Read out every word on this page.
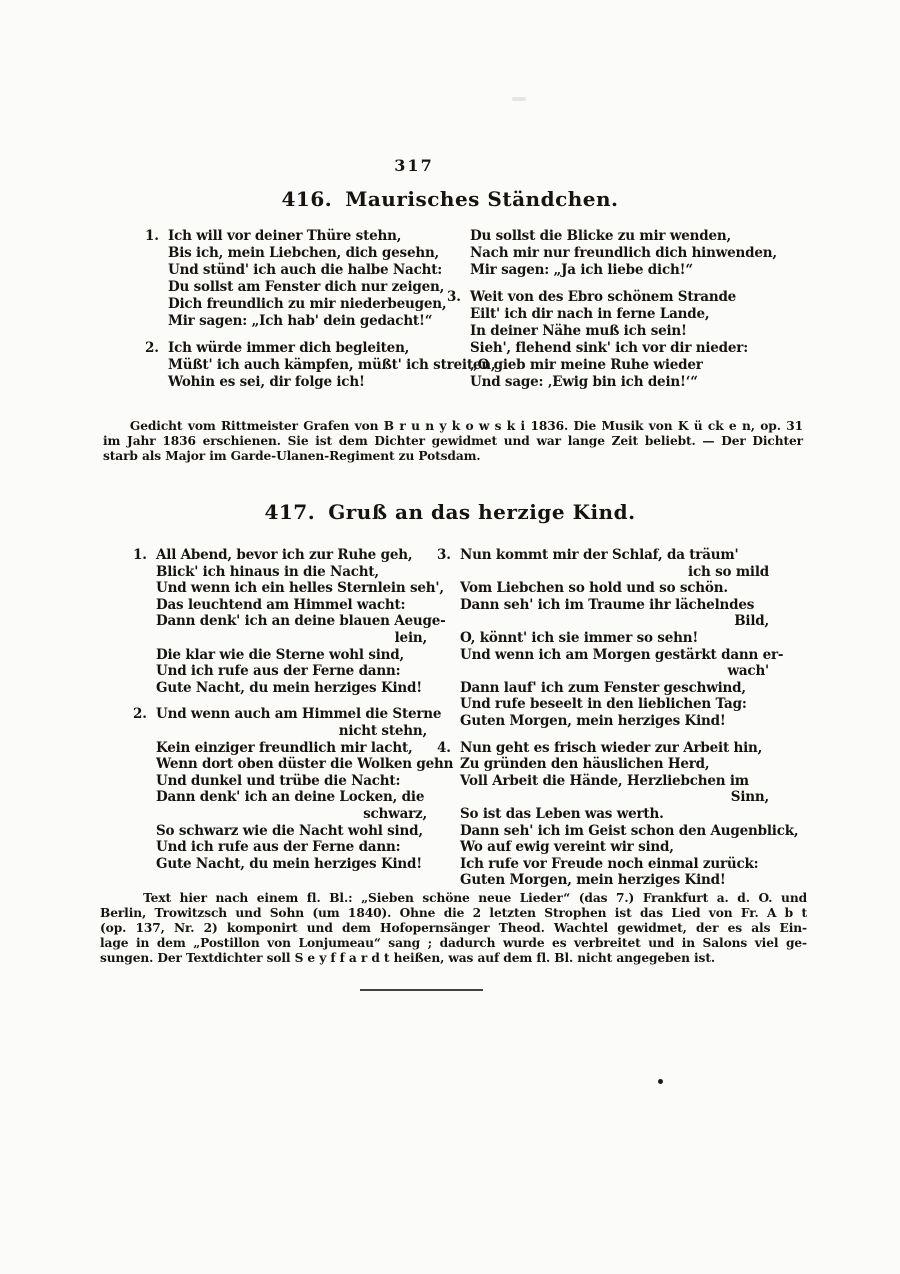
317
416. Maurisches Ständchen.
1. Ich will vor deiner Thüre stehn,
Bis ich, mein Liebchen, dich gesehn,
Und stünd' ich auch die halbe Nacht:
Du sollst am Fenster dich nur zeigen,
Dich freundlich zu mir niederbeugen,
Mir sagen: „Ich hab' dein gedacht!“
2. Ich würde immer dich begleiten,
Müßt' ich auch kämpfen, müßt' ich streiten,
Wohin es sei, dir folge ich!
Du sollst die Blicke zu mir wenden,
Nach mir nur freundlich dich hinwenden,
Mir sagen: „Ja ich liebe dich!“
3. Weit von des Ebro schönem Strande
Eilt' ich dir nach in ferne Lande,
In deiner Nähe muß ich sein!
Sieh', flehend sink' ich vor dir nieder:
„O gieb mir meine Ruhe wieder
Und sage: ‚Ewig bin ich dein!‘“

Gedicht vom Rittmeister Grafen von B r u n y k o w s k i 1836. Die Musik von K ü ck e n, op. 31
im Jahr 1836 erschienen. Sie ist dem Dichter gewidmet und war lange Zeit beliebt. — Der Dichter
starb als Major im Garde-Ulanen-Regiment zu Potsdam.

417. Gruß an das herzige Kind.
1. All Abend, bevor ich zur Ruhe geh,
Blick' ich hinaus in die Nacht,
Und wenn ich ein helles Sternlein seh',
Das leuchtend am Himmel wacht:
Dann denk' ich an deine blauen Aeuge-
lein,
Die klar wie die Sterne wohl sind,
Und ich rufe aus der Ferne dann:
Gute Nacht, du mein herziges Kind!
2. Und wenn auch am Himmel die Sterne
nicht stehn,
Kein einziger freundlich mir lacht,
Wenn dort oben düster die Wolken gehn
Und dunkel und trübe die Nacht:
Dann denk' ich an deine Locken, die
schwarz,
So schwarz wie die Nacht wohl sind,
Und ich rufe aus der Ferne dann:
Gute Nacht, du mein herziges Kind!
3. Nun kommt mir der Schlaf, da träum'
ich so mild
Vom Liebchen so hold und so schön.
Dann seh' ich im Traume ihr lächelndes
Bild,
O, könnt' ich sie immer so sehn!
Und wenn ich am Morgen gestärkt dann er-
wach'
Dann lauf' ich zum Fenster geschwind,
Und rufe beseelt in den lieblichen Tag:
Guten Morgen, mein herziges Kind!
4. Nun geht es frisch wieder zur Arbeit hin,
Zu gründen den häuslichen Herd,
Voll Arbeit die Hände, Herzliebchen im
Sinn,
So ist das Leben was werth.
Dann seh' ich im Geist schon den Augenblick,
Wo auf ewig vereint wir sind,
Ich rufe vor Freude noch einmal zurück:
Guten Morgen, mein herziges Kind!

Text hier nach einem fl. Bl.: „Sieben schöne neue Lieder“ (das 7.) Frankfurt a. d. O. und
Berlin, Trowitzsch und Sohn (um 1840). Ohne die 2 letzten Strophen ist das Lied von Fr. A b t
(op. 137, Nr. 2) komponirt und dem Hofopernsänger Theod. Wachtel gewidmet, der es als Ein-
lage in dem „Postillon von Lonjumeau“ sang ; dadurch wurde es verbreitet und in Salons viel ge-
sungen. Der Textdichter soll S e y f f a r d t heißen, was auf dem fl. Bl. nicht angegeben ist.
